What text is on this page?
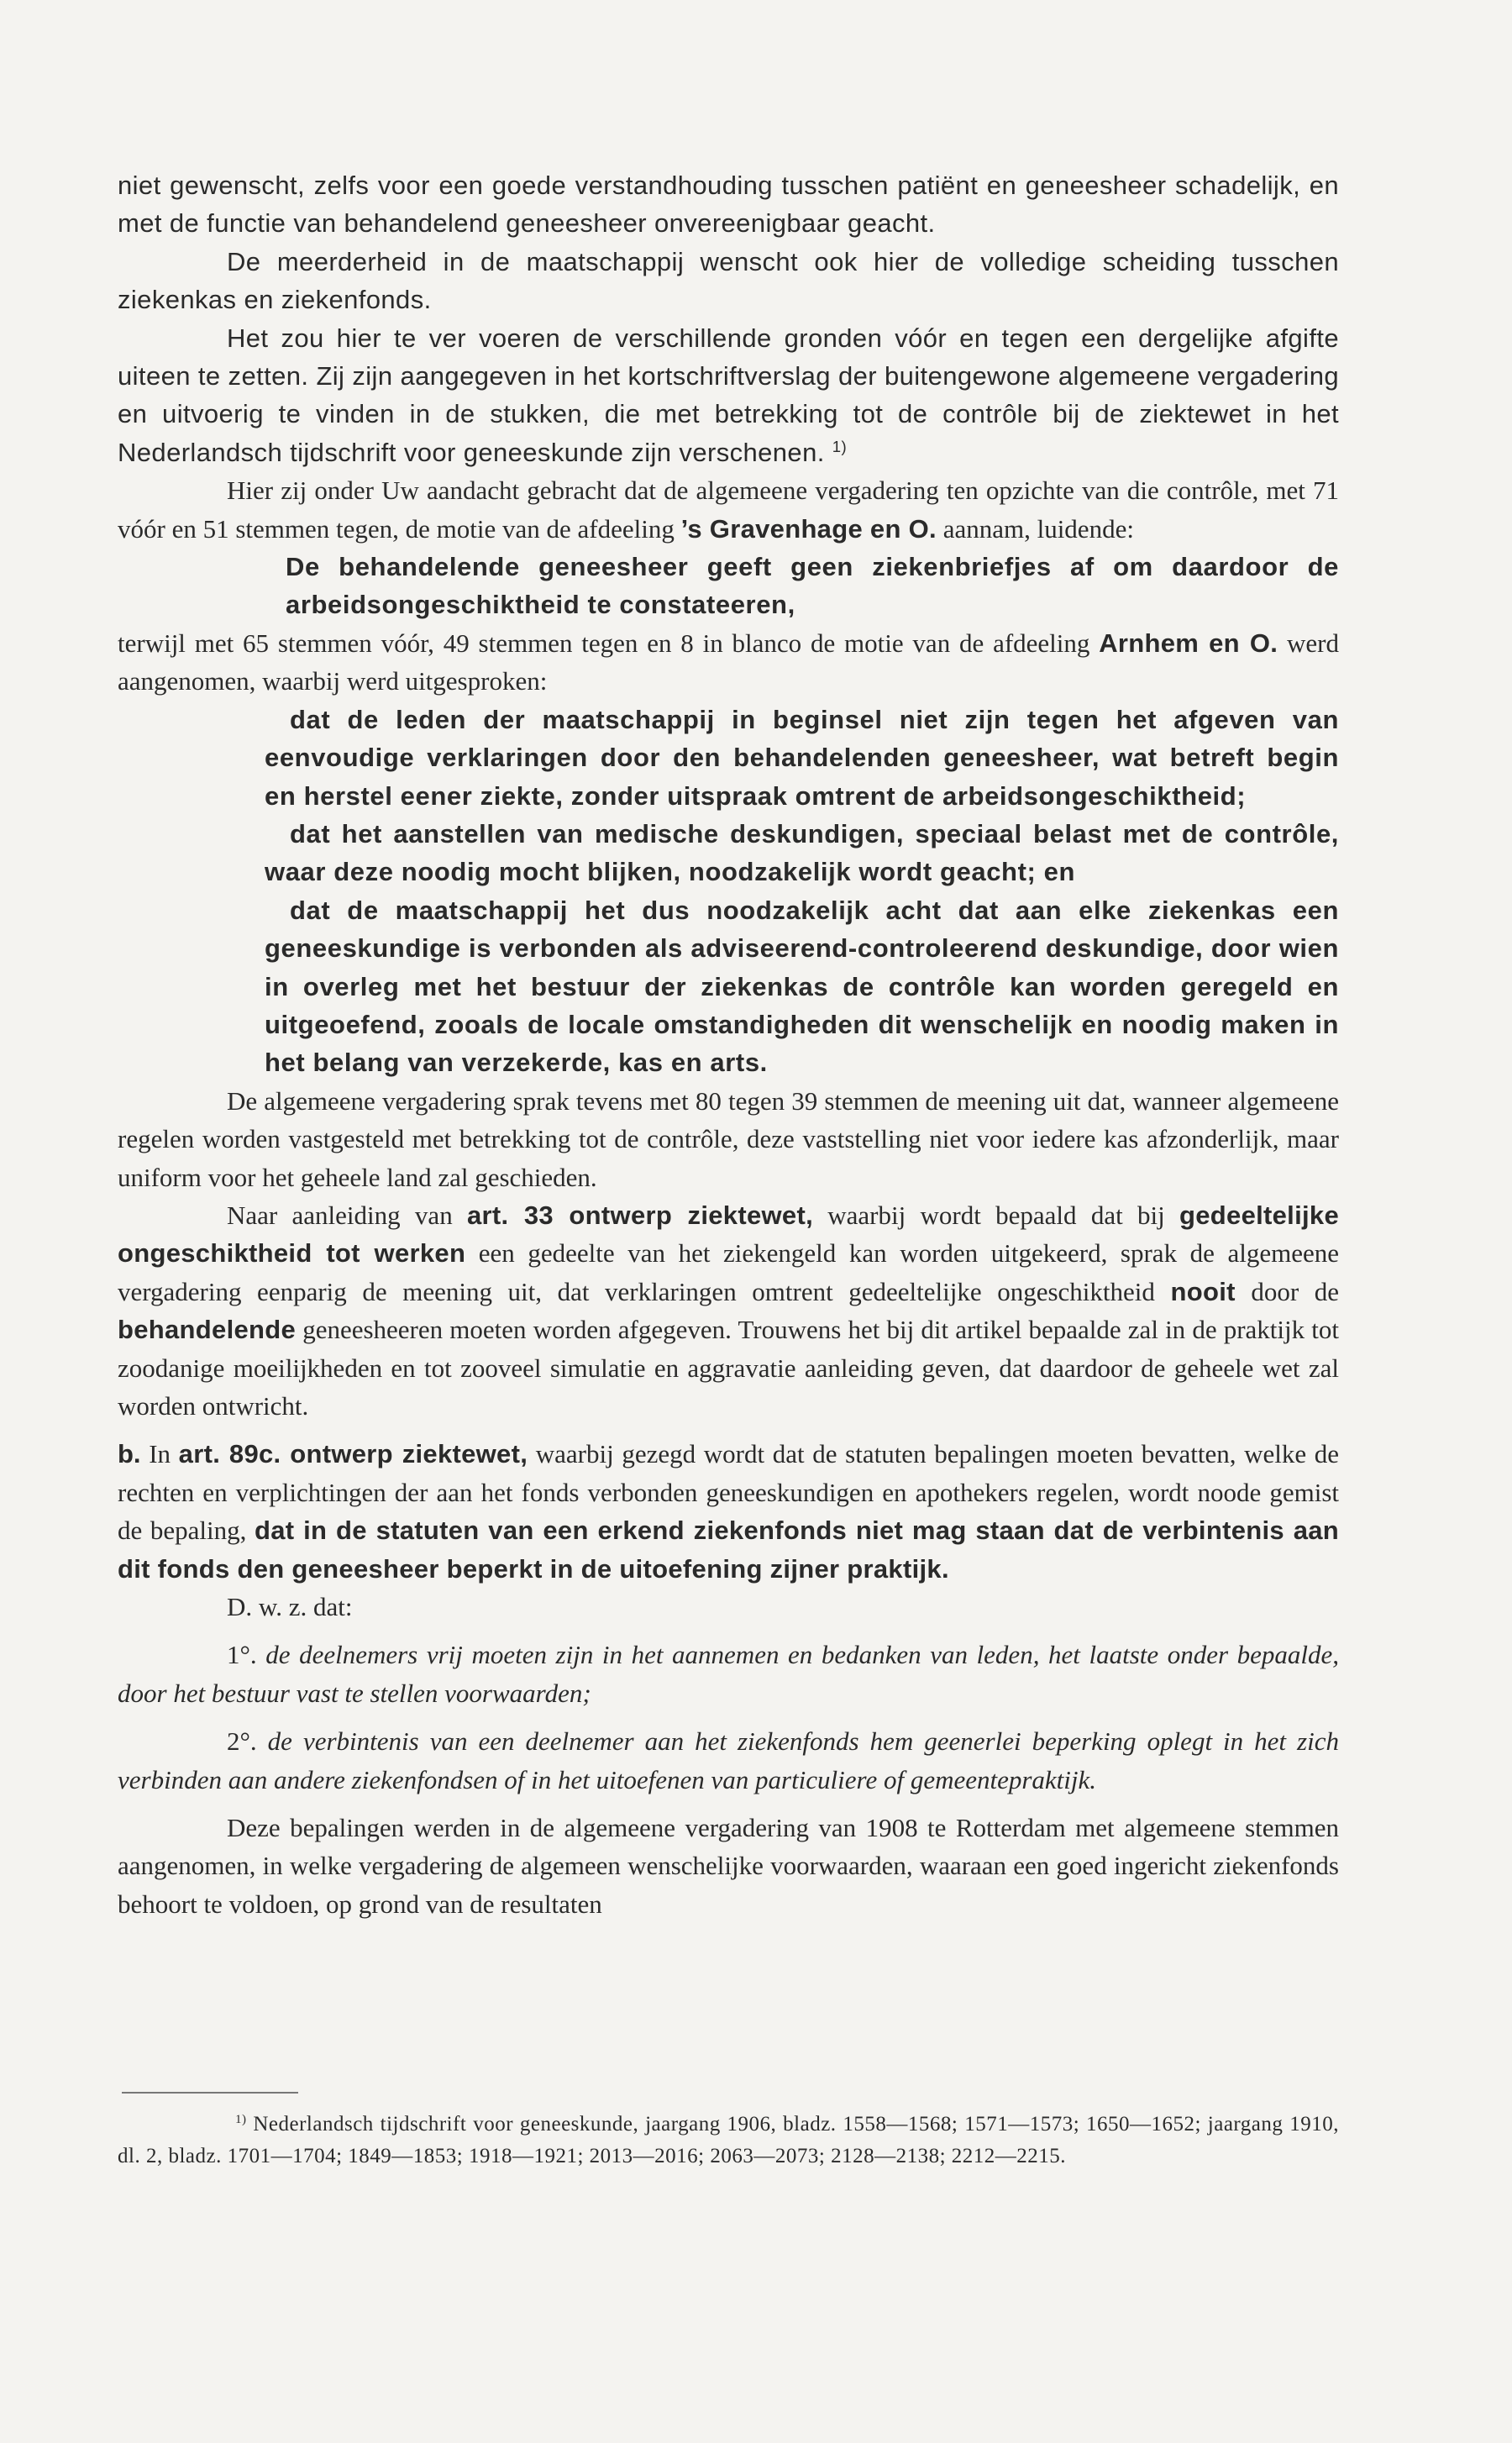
niet gewenscht, zelfs voor een goede verstandhouding tusschen patiënt en geneesheer schadelijk, en met de functie van behandelend geneesheer onvereenigbaar geacht.

De meerderheid in de maatschappij wenscht ook hier de volledige scheiding tusschen ziekenkas en ziekenfonds.

Het zou hier te ver voeren de verschillende gronden vóór en tegen een dergelijke afgifte uiteen te zetten. Zij zijn aangegeven in het kortschriftverslag der buitengewone algemeene vergadering en uitvoerig te vinden in de stukken, die met betrekking tot de contrôle bij de ziektewet in het Nederlandsch tijdschrift voor geneeskunde zijn verschenen. $^{1)}$

Hier zij onder Uw aandacht gebracht dat de algemeene vergadering ten opzichte van die contrôle, met 71 vóór en 51 stemmen tegen, de motie van de afdeeling ’s Gravenhage en O. aannam, luidende:

De behandelende geneesheer geeft geen ziekenbriefjes af om daardoor de arbeidsongeschiktheid te constateeren,

terwijl met 65 stemmen vóór, 49 stemmen tegen en 8 in blanco de motie van de afdeeling Arnhem en O. werd aangenomen, waarbij werd uitgesproken:

dat de leden der maatschappij in beginsel niet zijn tegen het afgeven van eenvoudige verklaringen door den behandelenden geneesheer, wat betreft begin en herstel eener ziekte, zonder uitspraak omtrent de arbeidsongeschiktheid;

dat het aanstellen van medische deskundigen, speciaal belast met de contrôle, waar deze noodig mocht blijken, noodzakelijk wordt geacht; en

dat de maatschappij het dus noodzakelijk acht dat aan elke ziekenkas een geneeskundige is verbonden als adviseerend-controleerend deskundige, door wien in overleg met het bestuur der ziekenkas de contrôle kan worden geregeld en uitgeoefend, zooals de locale omstandigheden dit wenschelijk en noodig maken in het belang van verzekerde, kas en arts.

De algemeene vergadering sprak tevens met 80 tegen 39 stemmen de meening uit dat, wanneer algemeene regelen worden vastgesteld met betrekking tot de contrôle, deze vaststelling niet voor iedere kas afzonderlijk, maar uniform voor het geheele land zal geschieden.

Naar aanleiding van art. 33 ontwerp ziektewet, waarbij wordt bepaald dat bij gedeeltelijke ongeschiktheid tot werken een gedeelte van het ziekengeld kan worden uitgekeerd, sprak de algemeene vergadering eenparig de meening uit, dat verklaringen omtrent gedeeltelijke ongeschiktheid nooit door de behandelende geneesheeren moeten worden afgegeven. Trouwens het bij dit artikel bepaalde zal in de praktijk tot zoodanige moeilijkheden en tot zooveel simulatie en aggravatie aanleiding geven, dat daardoor de geheele wet zal worden ontwricht.

b. In art. 89c. ontwerp ziektewet, waarbij gezegd wordt dat de statuten bepalingen moeten bevatten, welke de rechten en verplichtingen der aan het fonds verbonden geneeskundigen en apothekers regelen, wordt noode gemist de bepaling, dat in de statuten van een erkend ziekenfonds niet mag staan dat de verbintenis aan dit fonds den geneesheer beperkt in de uitoefening zijner praktijk.

D. w. z. dat:

1°. de deelnemers vrij moeten zijn in het aannemen en bedanken van leden, het laatste onder bepaalde, door het bestuur vast te stellen voorwaarden;

2°. de verbintenis van een deelnemer aan het ziekenfonds hem geenerlei beperking oplegt in het zich verbinden aan andere ziekenfondsen of in het uitoefenen van particuliere of gemeentepraktijk.

Deze bepalingen werden in de algemeene vergadering van 1908 te Rotterdam met algemeene stemmen aangenomen, in welke vergadering de algemeen wenschelijke voorwaarden, waaraan een goed ingericht ziekenfonds behoort te voldoen, op grond van de resultaten

$^{1)}$ Nederlandsch tijdschrift voor geneeskunde, jaargang 1906, bladz. 1558—1568; 1571—1573; 1650—1652; jaargang 1910, dl. 2, bladz. 1701—1704; 1849—1853; 1918—1921; 2013—2016; 2063—2073; 2128—2138; 2212—2215.
